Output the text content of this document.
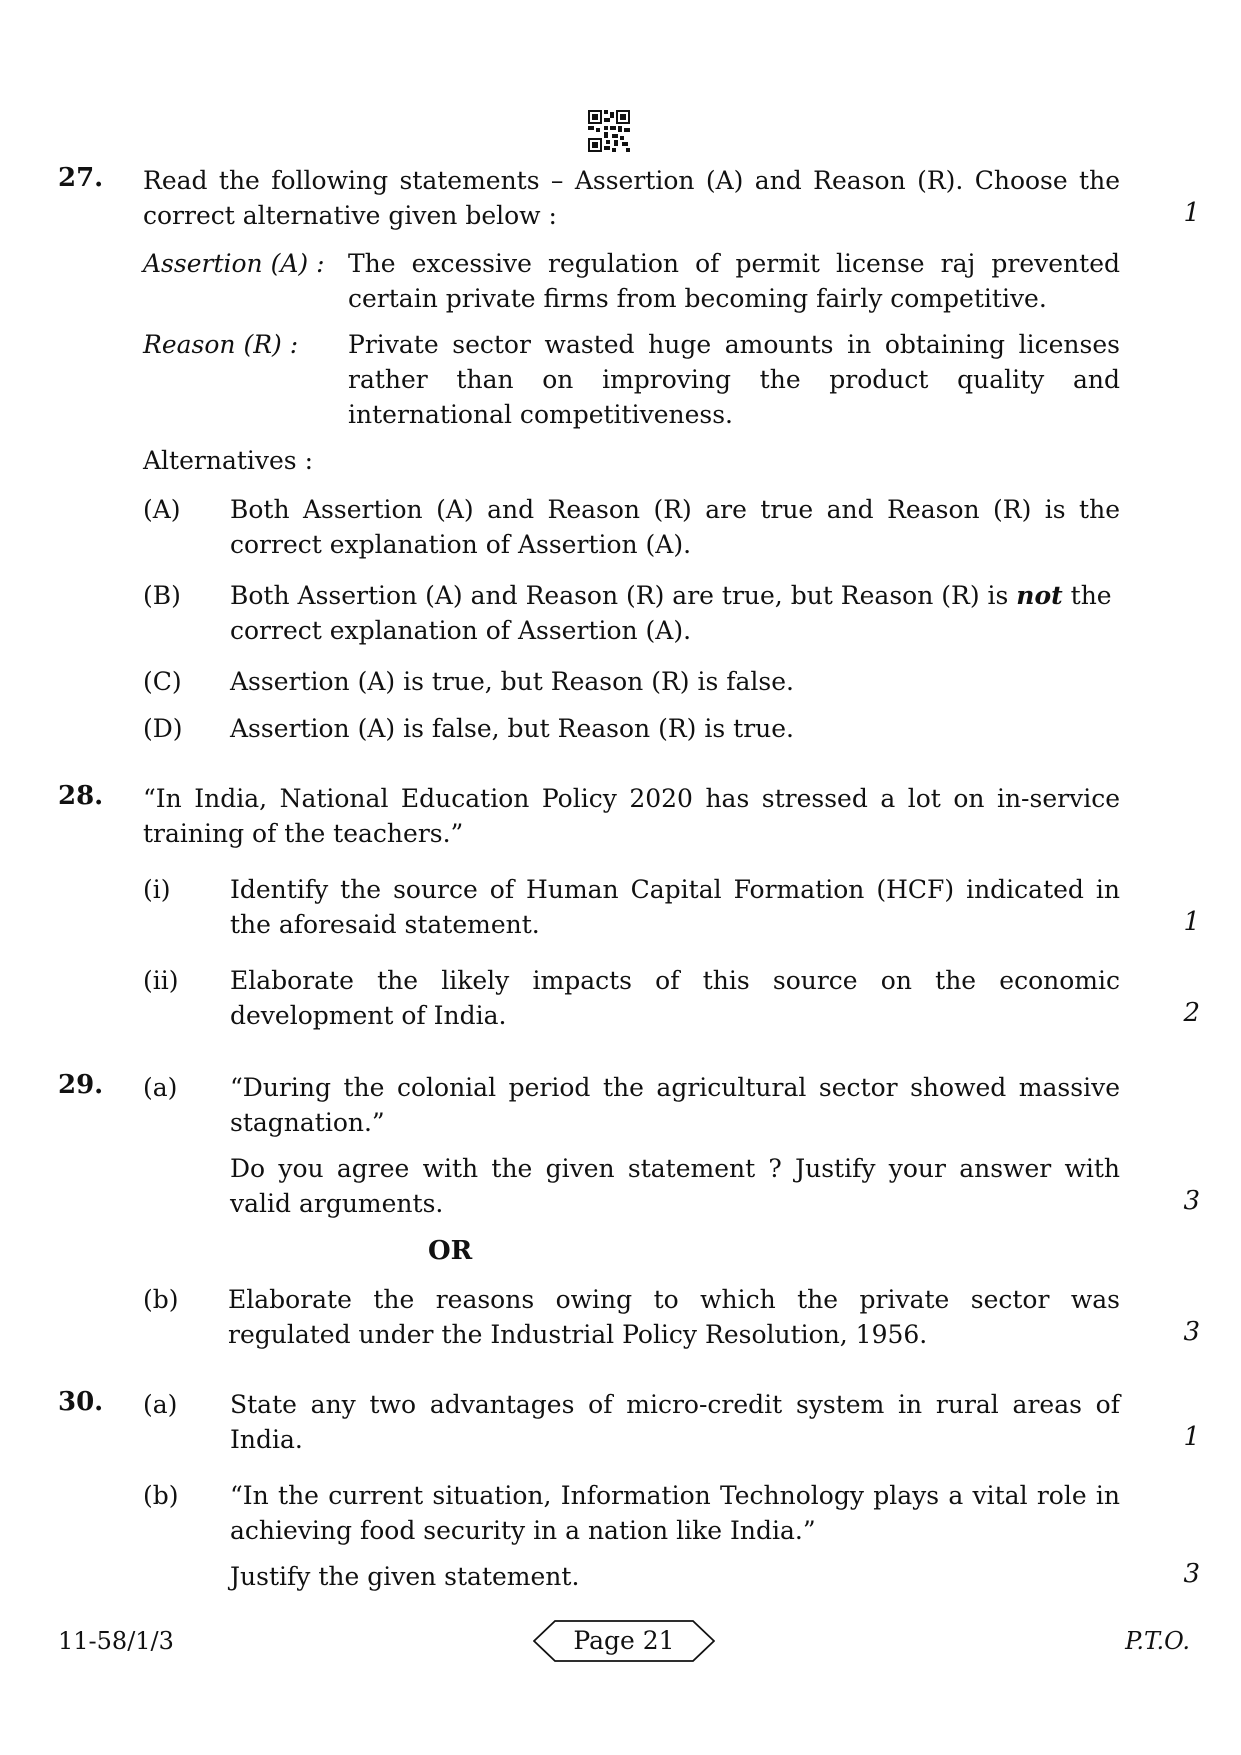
27. Read the following statements – Assertion (A) and Reason (R). Choose the correct alternative given below :	1
Assertion (A) : The excessive regulation of permit license raj prevented certain private firms from becoming fairly competitive.
Reason (R) : Private sector wasted huge amounts in obtaining licenses rather than on improving the product quality and international competitiveness.
Alternatives :
(A) Both Assertion (A) and Reason (R) are true and Reason (R) is the correct explanation of Assertion (A).
(B) Both Assertion (A) and Reason (R) are true, but Reason (R) is not the correct explanation of Assertion (A).
(C) Assertion (A) is true, but Reason (R) is false.
(D) Assertion (A) is false, but Reason (R) is true.
28. “In India, National Education Policy 2020 has stressed a lot on in-service training of the teachers.”
(i) Identify the source of Human Capital Formation (HCF) indicated in the aforesaid statement.	1
(ii) Elaborate the likely impacts of this source on the economic development of India.	2
29. (a) “During the colonial period the agricultural sector showed massive stagnation.”
Do you agree with the given statement ? Justify your answer with valid arguments.	3
OR
(b) Elaborate the reasons owing to which the private sector was regulated under the Industrial Policy Resolution, 1956.	3
30. (a) State any two advantages of micro-credit system in rural areas of India.	1
(b) “In the current situation, Information Technology plays a vital role in achieving food security in a nation like India.”
Justify the given statement.	3
11-58/1/3	Page 21	P.T.O.
